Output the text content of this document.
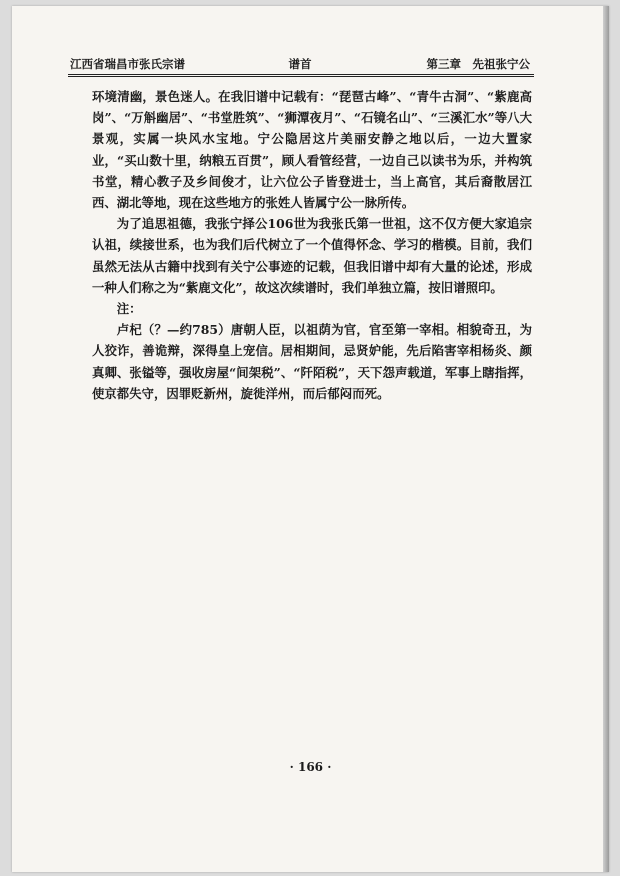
江西省瑞昌市张氏宗谱	谱首	第三章　先祖张宁公

环境清幽，景色迷人。在我旧谱中记载有：“琵琶古峰”、“青牛古洞”、“紫鹿高岗”、“万斛幽居”、“书堂胜筑”、“狮潭夜月”、“石镜名山”、“三溪汇水”等八大景观，实属一块风水宝地。宁公隐居这片美丽安静之地以后，一边大置家业，“买山数十里，纳粮五百贯”，顾人看管经营，一边自己以读书为乐，并构筑书堂，精心教子及乡间俊才，让六位公子皆登进士，当上高官，其后裔散居江西、湖北等地，现在这些地方的张姓人皆属宁公一脉所传。

为了追思祖德，我张宁择公106世为我张氏第一世祖，这不仅方便大家追宗认祖，续接世系，也为我们后代树立了一个值得怀念、学习的楷模。目前，我们虽然无法从古籍中找到有关宁公事迹的记载，但我旧谱中却有大量的论述，形成一种人们称之为“紫鹿文化”，故这次续谱时，我们单独立篇，按旧谱照印。

注：

卢杞（？—约785）唐朝人臣，以祖荫为官，官至第一宰相。相貌奇丑，为人狡诈，善诡辩，深得皇上宠信。居相期间，忌贤妒能，先后陷害宰相杨炎、颜真卿、张镒等，强收房屋“间架税”、“阡陌税”，天下怨声载道，军事上瞎指挥，使京都失守，因罪贬新州，旋徙洋州，而后郁闷而死。

· 166 ·
